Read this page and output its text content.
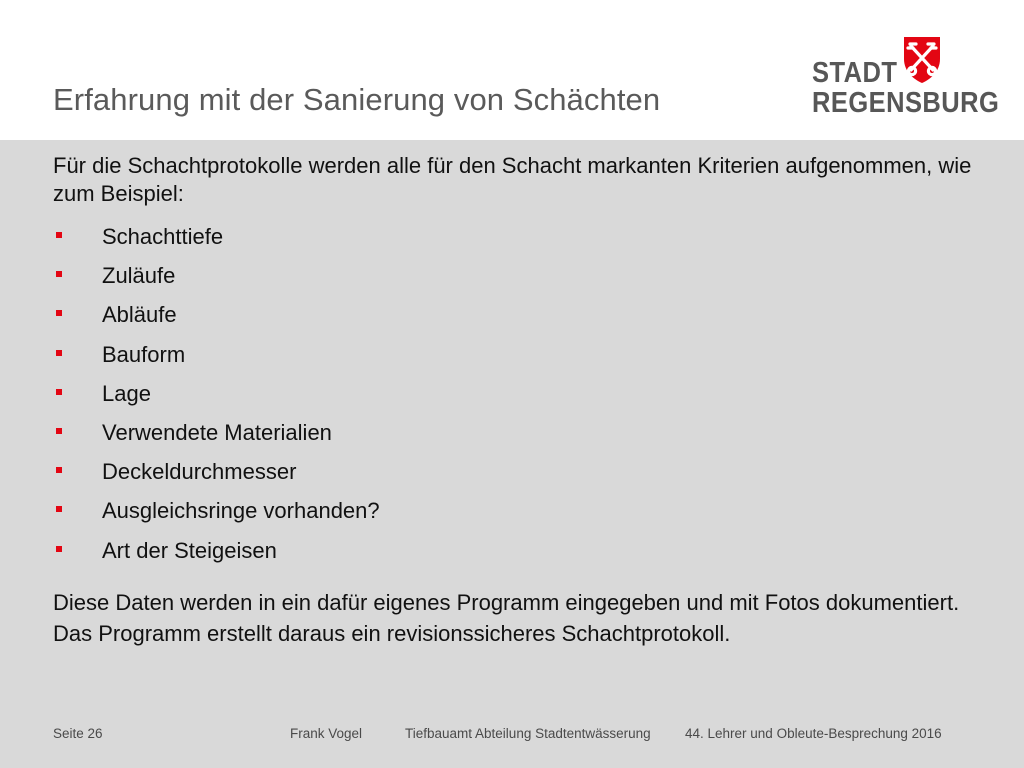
Erfahrung mit der Sanierung von Schächten
STADT
REGENSBURG

Für die Schachtprotokolle werden alle für den Schacht markanten Kriterien aufgenommen, wie zum Beispiel:

Schachttiefe
Zuläufe
Abläufe
Bauform
Lage
Verwendete Materialien
Deckeldurchmesser
Ausgleichsringe vorhanden?
Art der Steigeisen

Diese Daten werden in ein dafür eigenes Programm eingegeben und mit Fotos dokumentiert. Das Programm erstellt daraus ein revisionssicheres Schachtprotokoll.

Seite 26	Frank Vogel	Tiefbauamt Abteilung Stadtentwässerung	44. Lehrer und Obleute-Besprechung 2016
